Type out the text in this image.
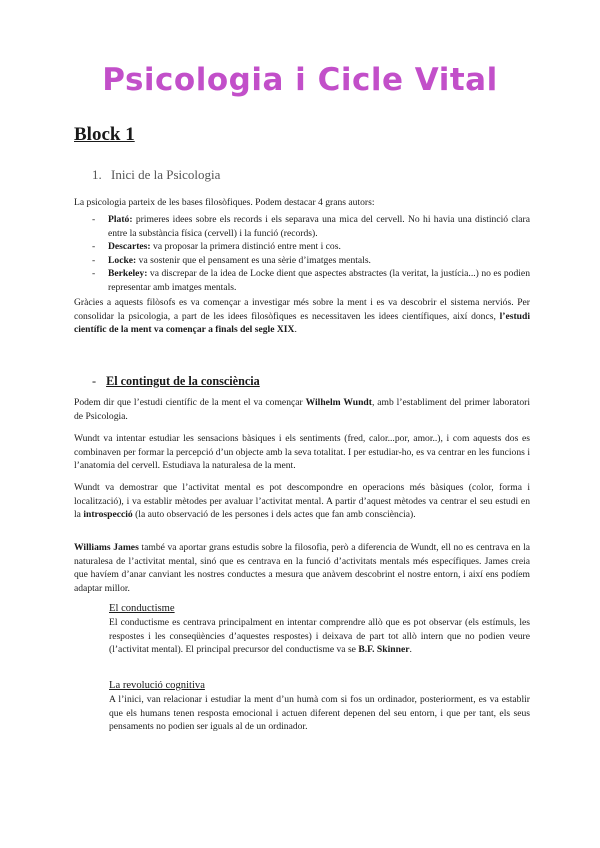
Psicologia i Cicle Vital
Block 1
1. Inici de la Psicologia
La psicologia parteix de les bases filosòfiques. Podem destacar 4 grans autors:
- Plató: primeres idees sobre els records i els separava una mica del cervell. No hi havia una distinció clara entre la substància física (cervell) i la funció (records).
- Descartes: va proposar la primera distinció entre ment i cos.
- Locke: va sostenir que el pensament es una sèrie d’imatges mentals.
- Berkeley: va discrepar de la idea de Locke dient que aspectes abstractes (la veritat, la justícia...) no es podien representar amb imatges mentals.
Gràcies a aquests filòsofs es va començar a investigar més sobre la ment i es va descobrir el sistema nerviós. Per consolidar la psicologia, a part de les idees filosòfiques es necessitaven les idees científiques, així doncs, l’estudi científic de la ment va començar a finals del segle XIX.
- El contingut de la consciència
Podem dir que l’estudi científic de la ment el va començar Wilhelm Wundt, amb l’establiment del primer laboratori de Psicologia.
Wundt va intentar estudiar les sensacions bàsiques i els sentiments (fred, calor...por, amor..), i com aquests dos es combinaven per formar la percepció d’un objecte amb la seva totalitat. I per estudiar-ho, es va centrar en les funcions i l’anatomia del cervell. Estudiava la naturalesa de la ment.
Wundt va demostrar que l’activitat mental es pot descompondre en operacions més bàsiques (color, forma i localització), i va establir mètodes per avaluar l’activitat mental. A partir d’aquest mètodes va centrar el seu estudi en la introspecció (la auto observació de les persones i dels actes que fan amb consciència).
Williams James també va aportar grans estudis sobre la filosofia, però a diferencia de Wundt, ell no es centrava en la naturalesa de l’activitat mental, sinó que es centrava en la funció d’activitats mentals més específiques. James creia que havíem d’anar canviant les nostres conductes a mesura que anàvem descobrint el nostre entorn, i així ens podíem adaptar millor.
El conductisme
El conductisme es centrava principalment en intentar comprendre allò que es pot observar (els estímuls, les respostes i les conseqüències d’aquestes respostes) i deixava de part tot allò intern que no podien veure (l’activitat mental). El principal precursor del conductisme va se B.F. Skinner.
La revolució cognitiva
A l’inici, van relacionar i estudiar la ment d’un humà com si fos un ordinador, posteriorment, es va establir que els humans tenen resposta emocional i actuen diferent depenen del seu entorn, i que per tant, els seus pensaments no podien ser iguals al de un ordinador.
